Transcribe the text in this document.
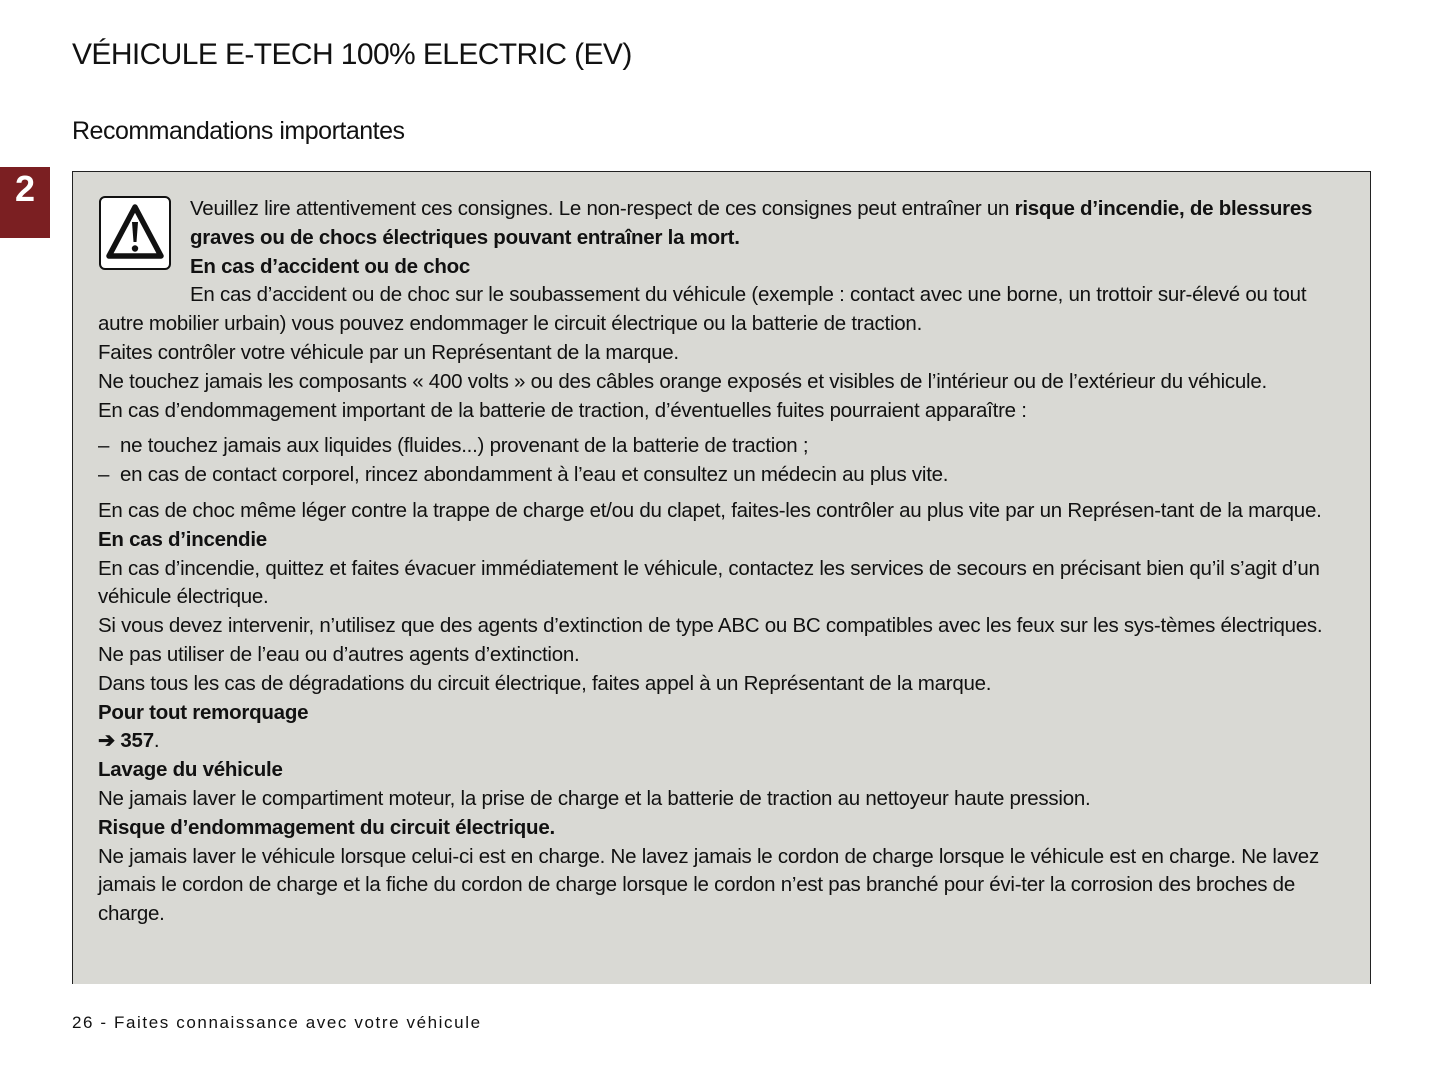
VÉHICULE E-TECH 100% ELECTRIC (EV)
Recommandations importantes
2	Veuillez lire attentivement ces consignes. Le non-respect de ces consignes peut entraîner un risque d’incendie, de blessures graves ou de chocs électriques pouvant entraîner la mort.

En cas d’accident ou de choc

En cas d’accident ou de choc sur le soubassement du véhicule (exemple : contact avec une borne, un trottoir sur-élevé ou tout autre mobilier urbain) vous pouvez endommager le circuit électrique ou la batterie de traction.

Faites contrôler votre véhicule par un Représentant de la marque.

Ne touchez jamais les composants « 400 volts » ou des câbles orange exposés et visibles de l’intérieur ou de l’extérieur du véhicule.

En cas d’endommagement important de la batterie de traction, d’éventuelles fuites pourraient apparaître :

– ne touchez jamais aux liquides (fluides...) provenant de la batterie de traction ;

– en cas de contact corporel, rincez abondamment à l’eau et consultez un médecin au plus vite.

En cas de choc même léger contre la trappe de charge et/ou du clapet, faites-les contrôler au plus vite par un Représen-tant de la marque.

En cas d’incendie

En cas d’incendie, quittez et faites évacuer immédiatement le véhicule, contactez les services de secours en précisant bien qu’il s’agit d’un véhicule électrique.

Si vous devez intervenir, n’utilisez que des agents d’extinction de type ABC ou BC compatibles avec les feux sur les sys-tèmes électriques. Ne pas utiliser de l’eau ou d’autres agents d’extinction.

Dans tous les cas de dégradations du circuit électrique, faites appel à un Représentant de la marque.

Pour tout remorquage

➔ 357.

Lavage du véhicule

Ne jamais laver le compartiment moteur, la prise de charge et la batterie de traction au nettoyeur haute pression.

Risque d’endommagement du circuit électrique.

Ne jamais laver le véhicule lorsque celui-ci est en charge. Ne lavez jamais le cordon de charge lorsque le véhicule est en charge. Ne lavez jamais le cordon de charge et la fiche du cordon de charge lorsque le cordon n’est pas branché pour évi-ter la corrosion des broches de charge.

26 - Faites connaissance avec votre véhicule
